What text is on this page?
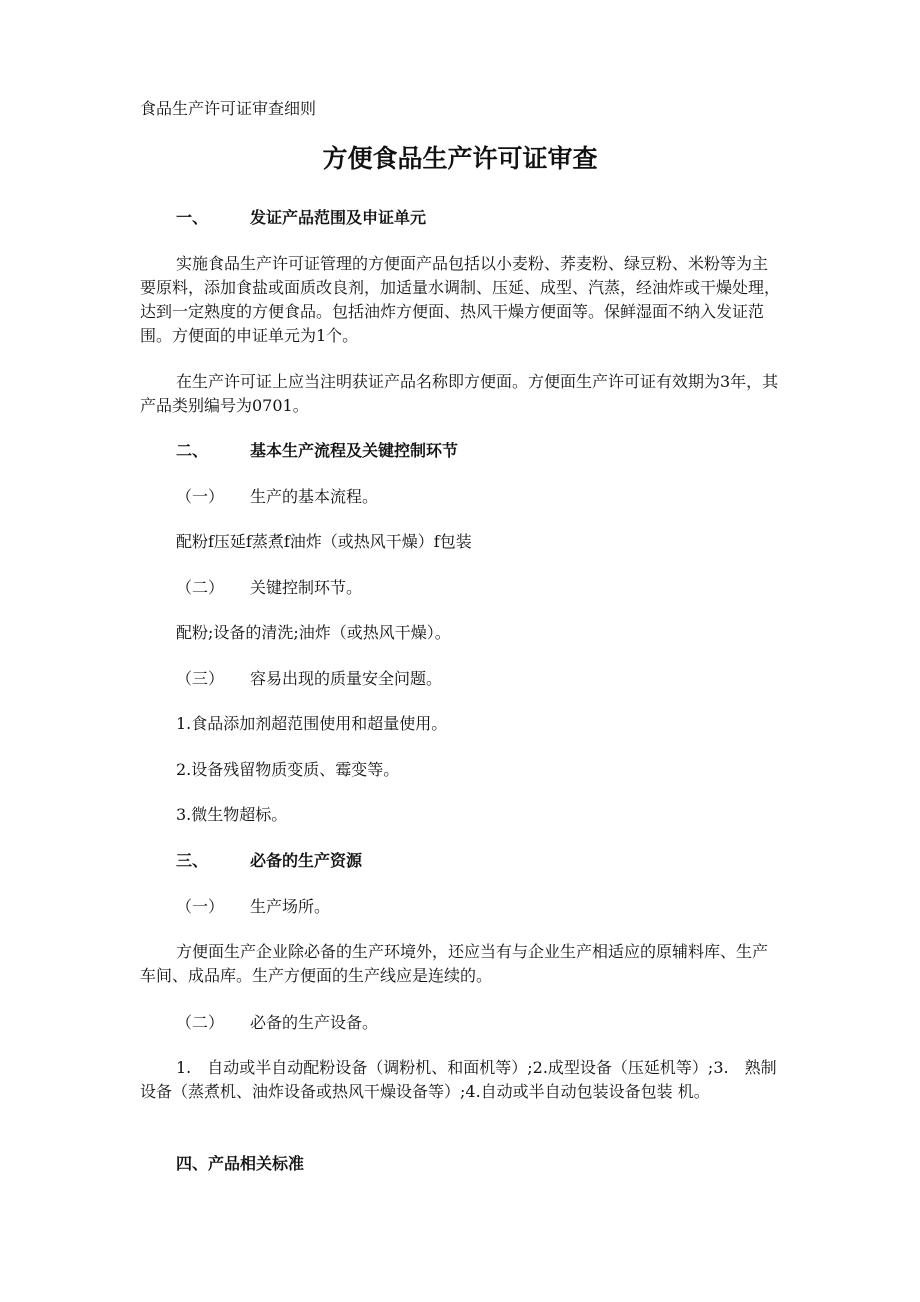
食品生产许可证审查细则
方便食品生产许可证审查
一、	发证产品范围及申证单元
实施食品生产许可证管理的方便面产品包括以小麦粉、荞麦粉、绿豆粉、米粉等为主要原料，添加食盐或面质改良剂，加适量水调制、压延、成型、汽蒸，经油炸或干燥处理，达到一定熟度的方便食品。包括油炸方便面、热风干燥方便面等。保鲜湿面不纳入发证范围。方便面的申证单元为1个。
在生产许可证上应当注明获证产品名称即方便面。方便面生产许可证有效期为3年，其产品类别编号为0701。
二、	基本生产流程及关键控制环节
（一） 生产的基本流程。
配粉f压延f蒸煮f油炸（或热风干燥）f包装
（二） 关键控制环节。
配粉;设备的清洗;油炸（或热风干燥）。
（三） 容易出现的质量安全问题。
1.食品添加剂超范围使用和超量使用。
2.设备残留物质变质、霉变等。
3.微生物超标。
三、	必备的生产资源
（一） 生产场所。
方便面生产企业除必备的生产环境外，还应当有与企业生产相适应的原辅料库、生产车间、成品库。生产方便面的生产线应是连续的。
（二） 必备的生产设备。
1.　自动或半自动配粉设备（调粉机、和面机等）;2.成型设备（压延机等）;3.　熟制设备（蒸煮机、油炸设备或热风干燥设备等）;4.自动或半自动包装设备包装 机。
四、产品相关标准
